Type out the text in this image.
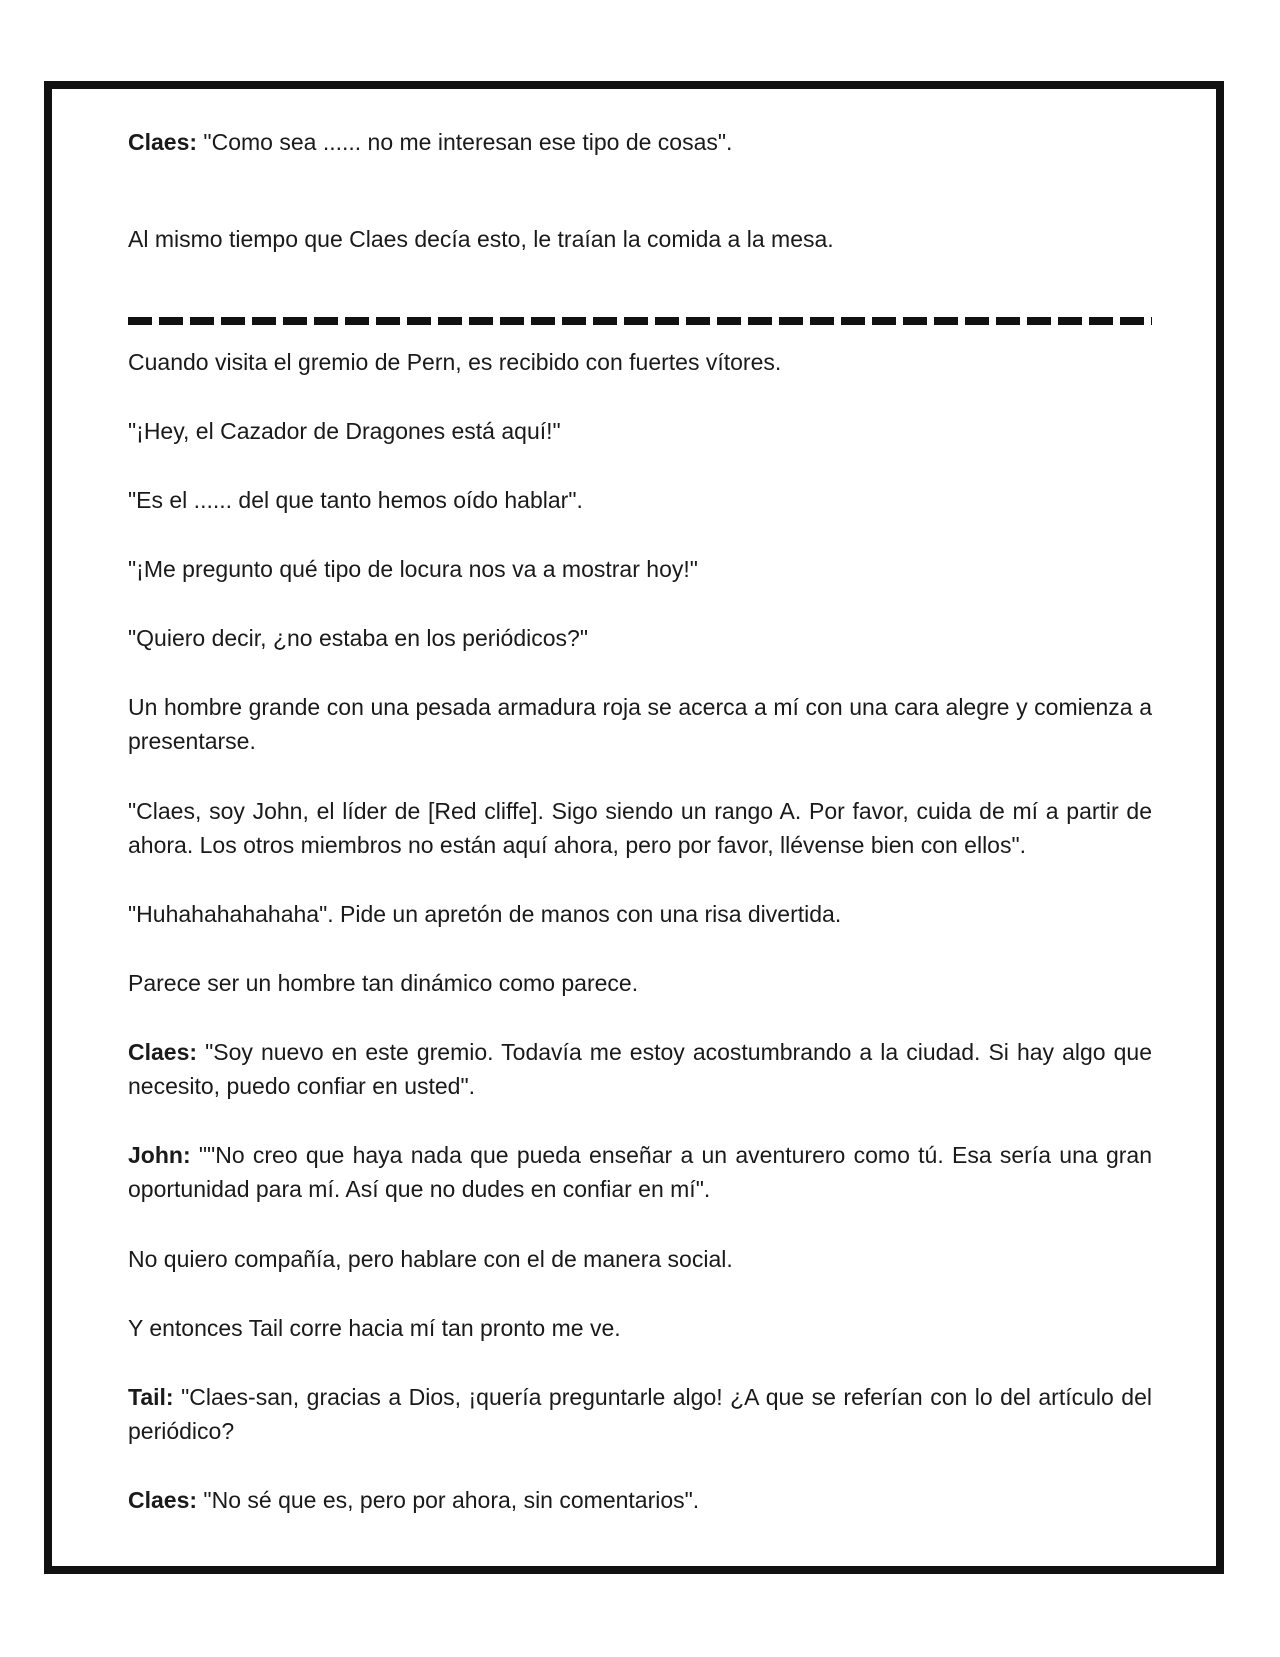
Claes: "Como sea ...... no me interesan ese tipo de cosas".

Al mismo tiempo que Claes decía esto, le traían la comida a la mesa.

Cuando visita el gremio de Pern, es recibido con fuertes vítores.

"¡Hey, el Cazador de Dragones está aquí!"

"Es el ...... del que tanto hemos oído hablar".

"¡Me pregunto qué tipo de locura nos va a mostrar hoy!"

"Quiero decir, ¿no estaba en los periódicos?"

Un hombre grande con una pesada armadura roja se acerca a mí con una cara alegre y comienza a presentarse.

"Claes, soy John, el líder de [Red cliffe]. Sigo siendo un rango A. Por favor, cuida de mí a partir de ahora. Los otros miembros no están aquí ahora, pero por favor, llévense bien con ellos".

"Huhahahahahaha". Pide un apretón de manos con una risa divertida.

Parece ser un hombre tan dinámico como parece.

Claes: "Soy nuevo en este gremio. Todavía me estoy acostumbrando a la ciudad. Si hay algo que necesito, puedo confiar en usted".

John: ""No creo que haya nada que pueda enseñar a un aventurero como tú. Esa sería una gran oportunidad para mí. Así que no dudes en confiar en mí".

No quiero compañía, pero hablare con el de manera social.

Y entonces Tail corre hacia mí tan pronto me ve.

Tail: "Claes-san, gracias a Dios, ¡quería preguntarle algo! ¿A que se referían con lo del artículo del periódico?

Claes: "No sé que es, pero por ahora, sin comentarios".
